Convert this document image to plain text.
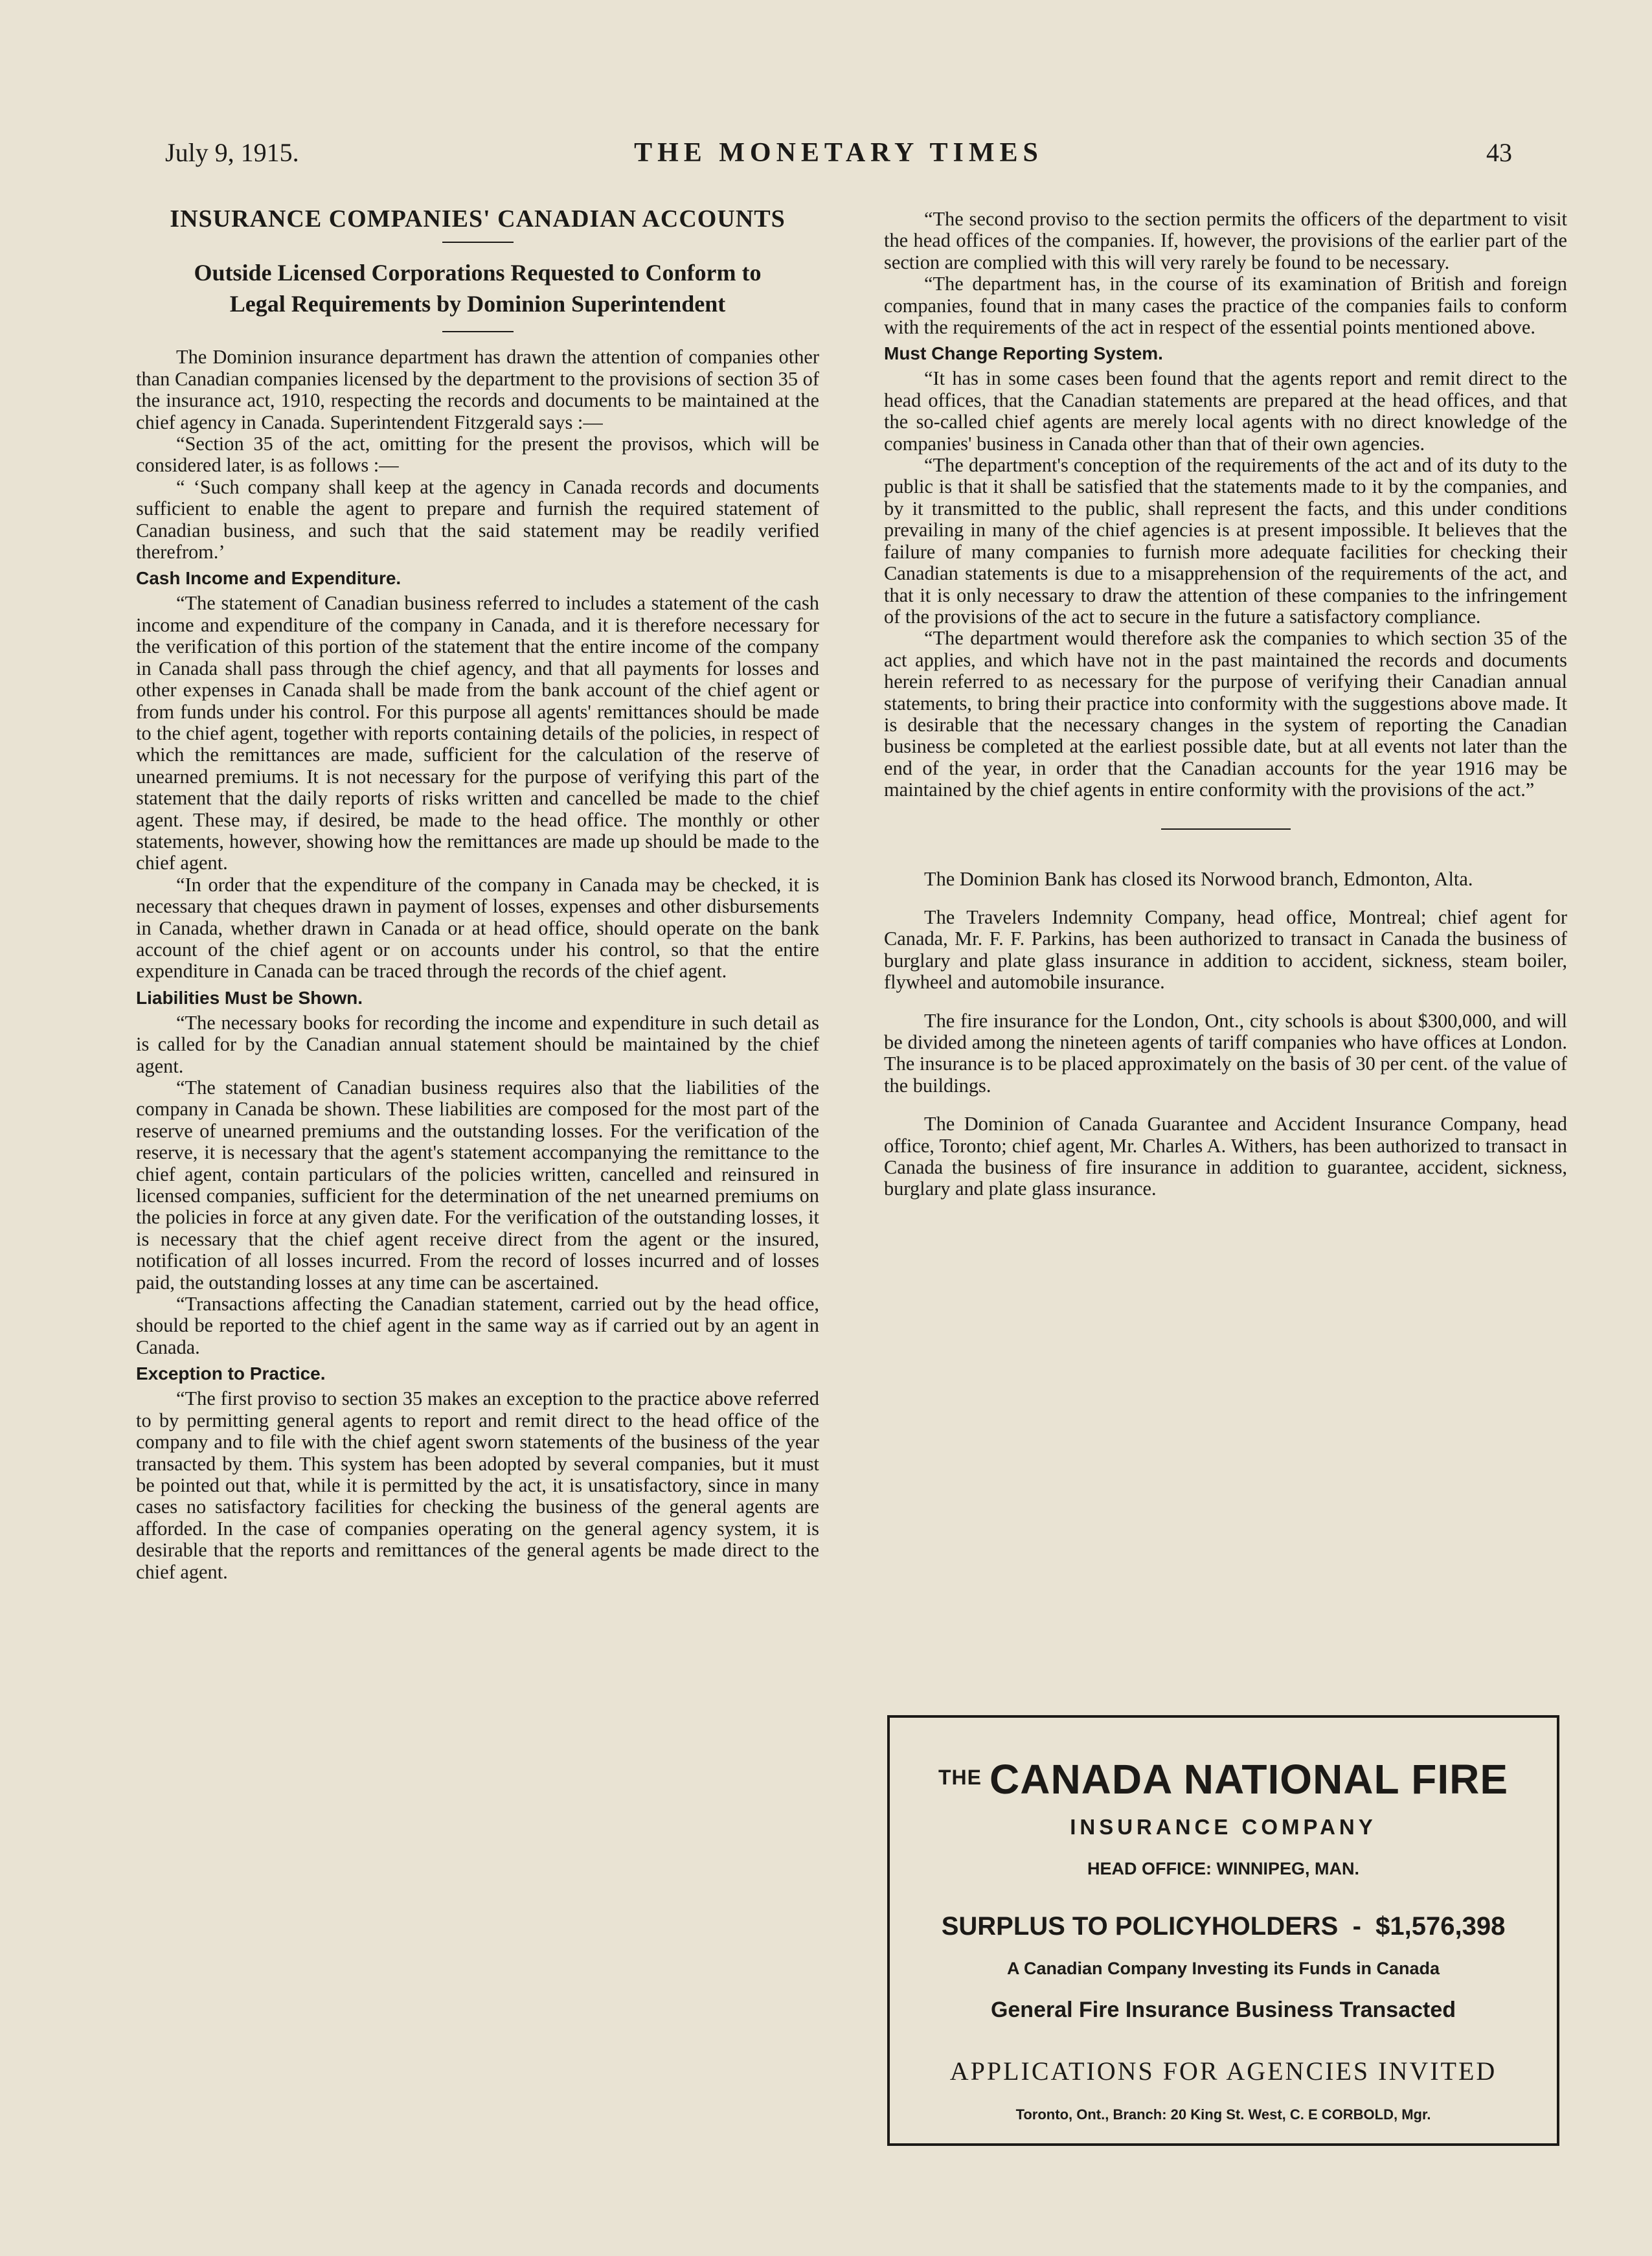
July 9, 1915.	THE MONETARY TIMES	43
INSURANCE COMPANIES' CANADIAN ACCOUNTS
Outside Licensed Corporations Requested to Conform to
Legal Requirements by Dominion Superintendent

The Dominion insurance department has drawn the attention of companies other than Canadian companies licensed by the department to the provisions of section 35 of the insurance act, 1910, respecting the records and documents to be maintained at the chief agency in Canada. Superintendent Fitzgerald says :—

“Section 35 of the act, omitting for the present the provisos, which will be considered later, is as follows :—

“ ‘Such company shall keep at the agency in Canada records and documents sufficient to enable the agent to prepare and furnish the required statement of Canadian business, and such that the said statement may be readily verified therefrom.’

Cash Income and Expenditure.

“The statement of Canadian business referred to includes a statement of the cash income and expenditure of the company in Canada, and it is therefore necessary for the verification of this portion of the statement that the entire income of the company in Canada shall pass through the chief agency, and that all payments for losses and other expenses in Canada shall be made from the bank account of the chief agent or from funds under his control. For this purpose all agents' remittances should be made to the chief agent, together with reports containing details of the policies, in respect of which the remittances are made, sufficient for the calculation of the reserve of unearned premiums. It is not necessary for the purpose of verifying this part of the statement that the daily reports of risks written and cancelled be made to the chief agent. These may, if desired, be made to the head office. The monthly or other statements, however, showing how the remittances are made up should be made to the chief agent.

“In order that the expenditure of the company in Canada may be checked, it is necessary that cheques drawn in payment of losses, expenses and other disbursements in Canada, whether drawn in Canada or at head office, should operate on the bank account of the chief agent or on accounts under his control, so that the entire expenditure in Canada can be traced through the records of the chief agent.

Liabilities Must be Shown.

“The necessary books for recording the income and expenditure in such detail as is called for by the Canadian annual statement should be maintained by the chief agent.

“The statement of Canadian business requires also that the liabilities of the company in Canada be shown. These liabilities are composed for the most part of the reserve of unearned premiums and the outstanding losses. For the verification of the reserve, it is necessary that the agent's statement accompanying the remittance to the chief agent, contain particulars of the policies written, cancelled and reinsured in licensed companies, sufficient for the determination of the net unearned premiums on the policies in force at any given date. For the verification of the outstanding losses, it is necessary that the chief agent receive direct from the agent or the insured, notification of all losses incurred. From the record of losses incurred and of losses paid, the outstanding losses at any time can be ascertained.

“Transactions affecting the Canadian statement, carried out by the head office, should be reported to the chief agent in the same way as if carried out by an agent in Canada.

Exception to Practice.

“The first proviso to section 35 makes an exception to the practice above referred to by permitting general agents to report and remit direct to the head office of the company and to file with the chief agent sworn statements of the business of the year transacted by them. This system has been adopted by several companies, but it must be pointed out that, while it is permitted by the act, it is unsatisfactory, since in many cases no satisfactory facilities for checking the business of the general agents are afforded. In the case of companies operating on the general agency system, it is desirable that the reports and remittances of the general agents be made direct to the chief agent.

“The second proviso to the section permits the officers of the department to visit the head offices of the companies. If, however, the provisions of the earlier part of the section are complied with this will very rarely be found to be necessary.

“The department has, in the course of its examination of British and foreign companies, found that in many cases the practice of the companies fails to conform with the requirements of the act in respect of the essential points mentioned above.

Must Change Reporting System.

“It has in some cases been found that the agents report and remit direct to the head offices, that the Canadian statements are prepared at the head offices, and that the so-called chief agents are merely local agents with no direct knowledge of the companies' business in Canada other than that of their own agencies.

“The department's conception of the requirements of the act and of its duty to the public is that it shall be satisfied that the statements made to it by the companies, and by it transmitted to the public, shall represent the facts, and this under conditions prevailing in many of the chief agencies is at present impossible. It believes that the failure of many companies to furnish more adequate facilities for checking their Canadian statements is due to a misapprehension of the requirements of the act, and that it is only necessary to draw the attention of these companies to the infringement of the provisions of the act to secure in the future a satisfactory compliance.

“The department would therefore ask the companies to which section 35 of the act applies, and which have not in the past maintained the records and documents herein referred to as necessary for the purpose of verifying their Canadian annual statements, to bring their practice into conformity with the suggestions above made. It is desirable that the necessary changes in the system of reporting the Canadian business be completed at the earliest possible date, but at all events not later than the end of the year, in order that the Canadian accounts for the year 1916 may be maintained by the chief agents in entire conformity with the provisions of the act.”

The Dominion Bank has closed its Norwood branch, Edmonton, Alta.

The Travelers Indemnity Company, head office, Montreal; chief agent for Canada, Mr. F. F. Parkins, has been authorized to transact in Canada the business of burglary and plate glass insurance in addition to accident, sickness, steam boiler, flywheel and automobile insurance.

The fire insurance for the London, Ont., city schools is about $300,000, and will be divided among the nineteen agents of tariff companies who have offices at London. The insurance is to be placed approximately on the basis of 30 per cent. of the value of the buildings.

The Dominion of Canada Guarantee and Accident Insurance Company, head office, Toronto; chief agent, Mr. Charles A. Withers, has been authorized to transact in Canada the business of fire insurance in addition to guarantee, accident, sickness, burglary and plate glass insurance.

$^{THE}$ CANADA NATIONAL FIRE
INSURANCE COMPANY
HEAD OFFICE: WINNIPEG, MAN.
SURPLUS TO POLICYHOLDERS  -  $1,576,398
A Canadian Company Investing its Funds in Canada
General Fire Insurance Business Transacted
APPLICATIONS FOR AGENCIES INVITED
Toronto, Ont., Branch: 20 King St. West, C. E CORBOLD, Mgr.
